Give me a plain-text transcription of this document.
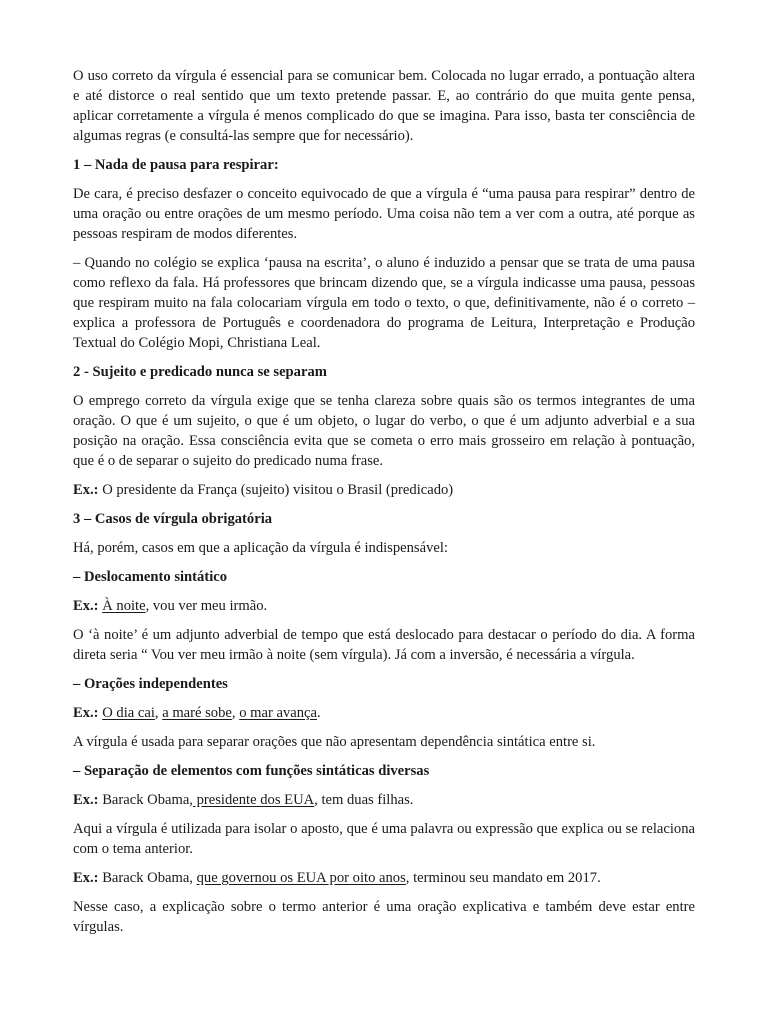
O uso correto da vírgula é essencial para se comunicar bem. Colocada no lugar errado, a pontuação altera e até distorce o real sentido que um texto pretende passar. E, ao contrário do que muita gente pensa, aplicar corretamente a vírgula é menos complicado do que se imagina. Para isso, basta ter consciência de algumas regras (e consultá-las sempre que for necessário).

1 – Nada de pausa para respirar:

De cara, é preciso desfazer o conceito equivocado de que a vírgula é “uma pausa para respirar” dentro de uma oração ou entre orações de um mesmo período. Uma coisa não tem a ver com a outra, até porque as pessoas respiram de modos diferentes.

– Quando no colégio se explica ‘pausa na escrita’, o aluno é induzido a pensar que se trata de uma pausa como reflexo da fala. Há professores que brincam dizendo que, se a vírgula indicasse uma pausa, pessoas que respiram muito na fala colocariam vírgula em todo o texto, o que, definitivamente, não é o correto – explica a professora de Português e coordenadora do programa de Leitura, Interpretação e Produção Textual do Colégio Mopi, Christiana Leal.

2 - Sujeito e predicado nunca se separam

O emprego correto da vírgula exige que se tenha clareza sobre quais são os termos integrantes de uma oração. O que é um sujeito, o que é um objeto, o lugar do verbo, o que é um adjunto adverbial e a sua posição na oração. Essa consciência evita que se cometa o erro mais grosseiro em relação à pontuação, que é o de separar o sujeito do predicado numa frase.

Ex.: O presidente da França (sujeito) visitou o Brasil (predicado)

3 – Casos de vírgula obrigatória

Há, porém, casos em que a aplicação da vírgula é indispensável:

– Deslocamento sintático

Ex.: À noite, vou ver meu irmão.

O ‘à noite’ é um adjunto adverbial de tempo que está deslocado para destacar o período do dia. A forma direta seria “ Vou ver meu irmão à noite (sem vírgula). Já com a inversão, é necessária a vírgula.

– Orações independentes

Ex.: O dia cai, a maré sobe, o mar avança.

A vírgula é usada para separar orações que não apresentam dependência sintática entre si.

– Separação de elementos com funções sintáticas diversas

Ex.: Barack Obama, presidente dos EUA, tem duas filhas.

Aqui a vírgula é utilizada para isolar o aposto, que é uma palavra ou expressão que explica ou se relaciona com o tema anterior.

Ex.: Barack Obama, que governou os EUA por oito anos, terminou seu mandato em 2017.

Nesse caso, a explicação sobre o termo anterior é uma oração explicativa e também deve estar entre vírgulas.
